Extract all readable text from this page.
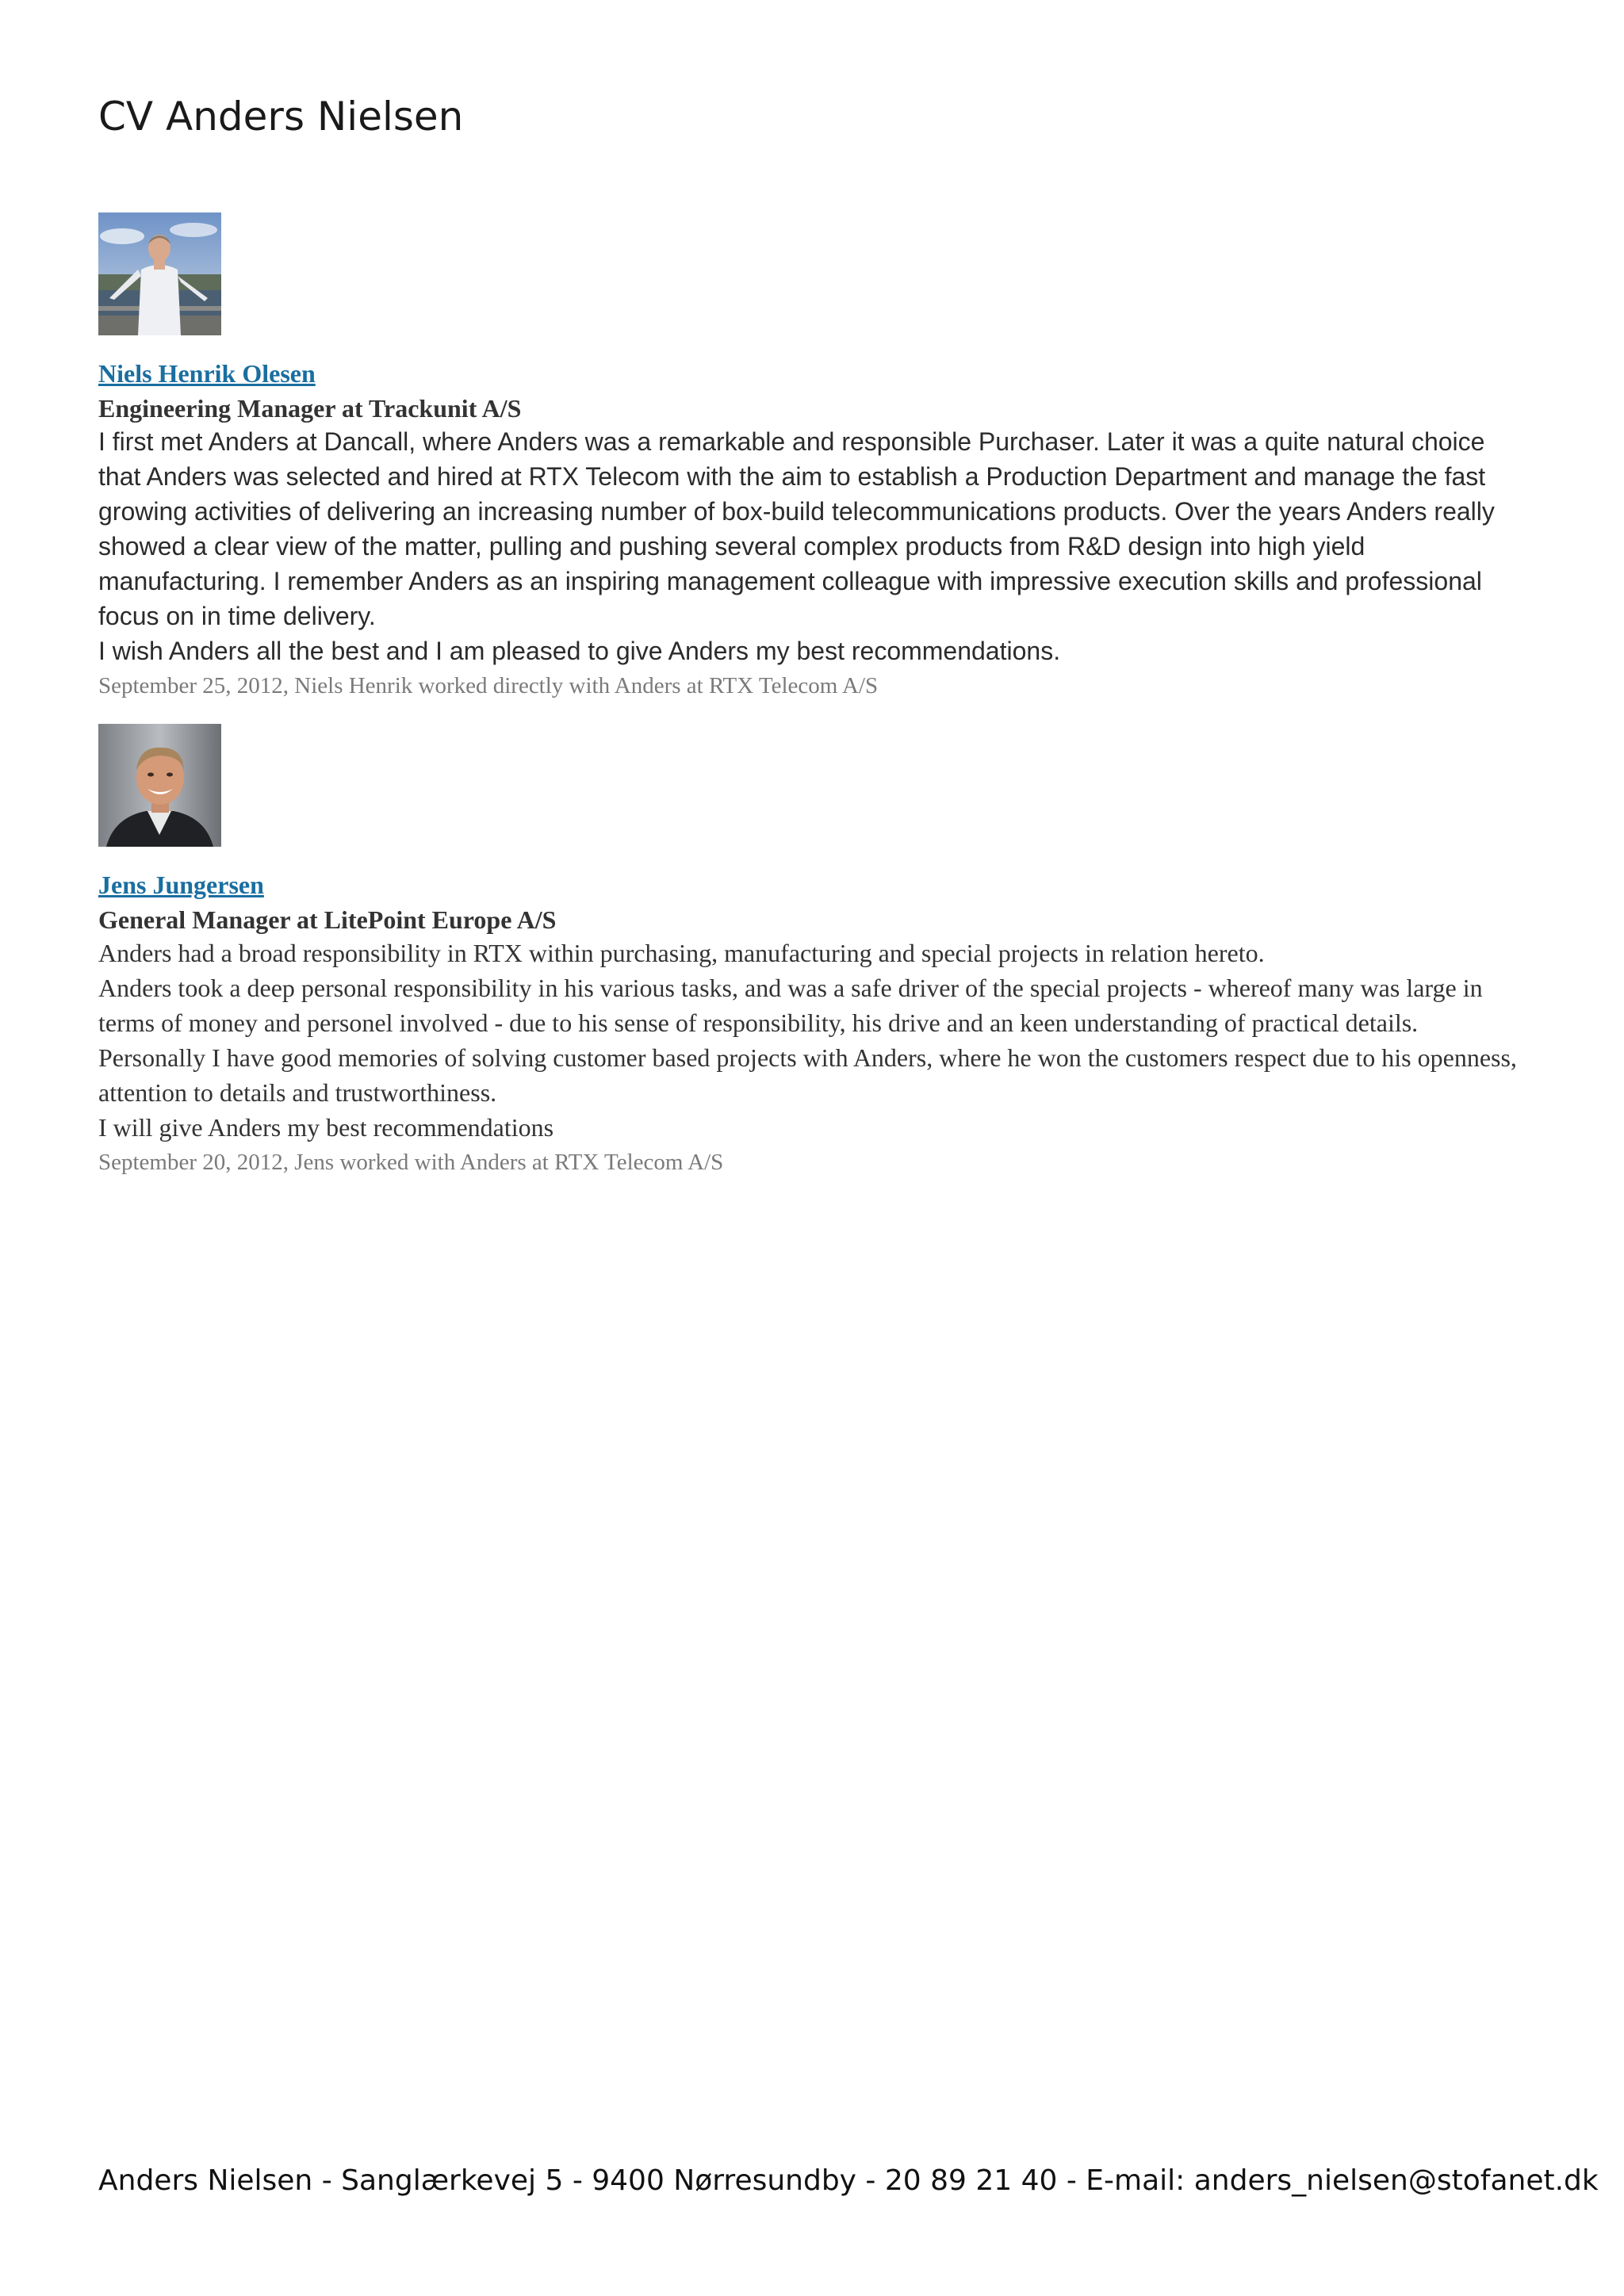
CV Anders Nielsen
Niels Henrik Olesen
Engineering Manager at Trackunit A/S

I first met Anders at Dancall, where Anders was a remarkable and responsible Purchaser. Later it was a quite natural choice that Anders was selected and hired at RTX Telecom with the aim to establish a Production Department and manage the fast growing activities of delivering an increasing number of box-build telecommunications products. Over the years Anders really showed a clear view of the matter, pulling and pushing several complex products from R&D design into high yield manufacturing. I remember Anders as an inspiring management colleague with impressive execution skills and professional focus on in time delivery.

I wish Anders all the best and I am pleased to give Anders my best recommendations.

September 25, 2012, Niels Henrik worked directly with Anders at RTX Telecom A/S
Jens Jungersen
General Manager at LitePoint Europe A/S

Anders had a broad responsibility in RTX within purchasing, manufacturing and special projects in relation hereto.

Anders took a deep personal responsibility in his various tasks, and was a safe driver of the special projects - whereof many was large in terms of money and personel involved - due to his sense of responsibility, his drive and an keen understanding of practical details.

Personally I have good memories of solving customer based projects with Anders, where he won the customers respect due to his openness, attention to details and trustworthiness.

I will give Anders my best recommendations

September 20, 2012, Jens worked with Anders at RTX Telecom A/S
Anders Nielsen - Sanglærkevej 5 - 9400 Nørresundby - 20 89 21 40 - E-mail: anders_nielsen@stofanet.dk
